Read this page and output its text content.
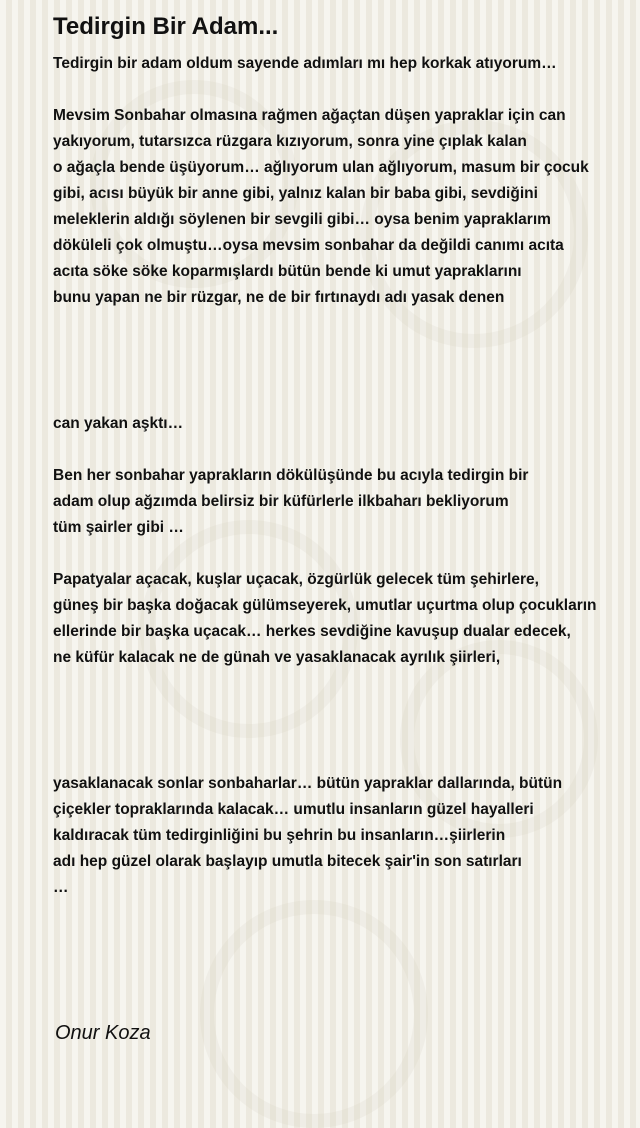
Tedirgin Bir Adam...
Tedirgin bir adam oldum sayende adımları mı hep korkak atıyorum…
Mevsim Sonbahar olmasına rağmen ağaçtan düşen yapraklar için can
yakıyorum, tutarsızca rüzgara kızıyorum, sonra yine çıplak kalan
o ağaçla bende üşüyorum… ağlıyorum ulan ağlıyorum, masum bir çocuk
gibi, acısı büyük bir anne gibi, yalnız kalan bir baba gibi, sevdiğini
meleklerin aldığı söylenen bir sevgili gibi… oysa benim yapraklarım
döküleli çok olmuştu…oysa mevsim sonbahar da değildi canımı acıta
acıta söke söke koparmışlardı bütün bende ki umut yapraklarını
bunu yapan ne bir rüzgar, ne de bir fırtınaydı adı yasak denen
can yakan aşktı…
Ben her sonbahar yaprakların dökülüşünde bu acıyla tedirgin bir
adam olup ağzımda belirsiz bir küfürlerle ilkbaharı bekliyorum
tüm şairler gibi …
Papatyalar açacak, kuşlar uçacak, özgürlük gelecek tüm şehirlere,
güneş bir başka doğacak gülümseyerek, umutlar uçurtma olup çocukların
ellerinde bir başka uçacak… herkes sevdiğine kavuşup dualar edecek,
ne küfür kalacak ne de günah ve yasaklanacak ayrılık şiirleri,
yasaklanacak sonlar sonbaharlar… bütün yapraklar dallarında, bütün
çiçekler topraklarında kalacak… umutlu insanların güzel hayalleri
kaldıracak tüm tedirginliğini bu şehrin bu insanların…şiirlerin
adı hep güzel olarak başlayıp umutla bitecek şair'in son satırları
…
Onur Koza
